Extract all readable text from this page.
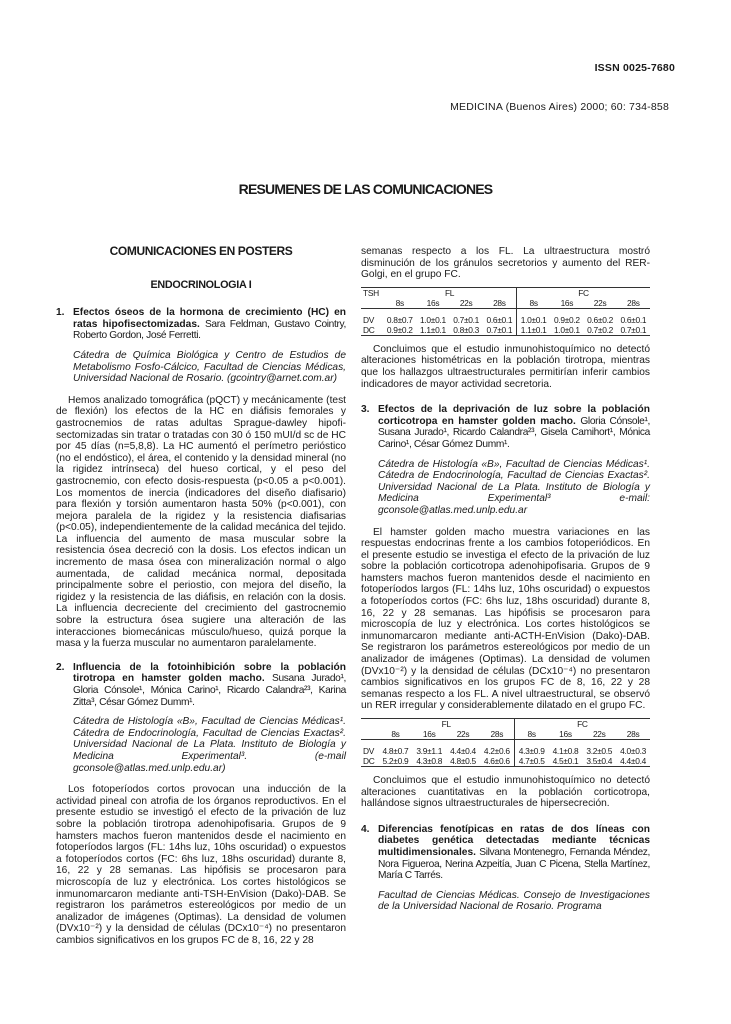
ISSN 0025-7680
MEDICINA (Buenos Aires) 2000; 60: 734-858
RESUMENES DE LAS COMUNICACIONES
COMUNICACIONES EN POSTERS
ENDOCRINOLOGIA I
1. Efectos óseos de la hormona de crecimiento (HC) en ratas hipofisectomizadas. Sara Feldman, Gustavo Cointry, Roberto Gordon, José Ferretti.

Cátedra de Química Biológica y Centro de Estudios de Metabolismo Fosfo-Cálcico, Facultad de Ciencias Médicas, Universidad Nacional de Rosario. (gcointry@arnet.com.ar)

Hemos analizado tomográfica (pQCT) y mecánicamente (test de flexión) los efectos de la HC en diáfisis femorales y gastrocnemios de ratas adultas Sprague-dawley hipofi-sectomizadas sin tratar o tratadas con 30 ó 150 mUI/d sc de HC por 45 días (n=5,8,8). La HC aumentó el perímetro perióstico (no el endóstico), el área, el contenido y la densidad mineral (no la rigidez intrínseca) del hueso cortical, y el peso del gastrocnemio, con efecto dosis-respuesta (p<0.05 a p<0.001). Los momentos de inercia (indicadores del diseño diafisario) para flexión y torsión aumentaron hasta 50% (p<0.001), con mejora paralela de la rigidez y la resistencia diafisarias (p<0.05), independientemente de la calidad mecánica del tejido. La influencia del aumento de masa muscular sobre la resistencia ósea decreció con la dosis. Los efectos indican un incremento de masa ósea con mineralización normal o algo aumentada, de calidad mecánica normal, depositada principalmente sobre el periostio, con mejora del diseño, la rigidez y la resistencia de las diáfisis, en relación con la dosis. La influencia decreciente del crecimiento del gastrocnemio sobre la estructura ósea sugiere una alteración de las interacciones biomecánicas músculo/hueso, quizá porque la masa y la fuerza muscular no aumentaron paralelamente.

2. Influencia de la fotoinhibición sobre la población tirotropa en hamster golden macho. Susana Jurado¹, Gloria Cónsole¹, Mónica Carino¹, Ricardo Calandra²³, Karina Zitta³, César Gómez Dumm¹.

Cátedra de Histología «B», Facultad de Ciencias Médicas¹. Cátedra de Endocrinología, Facultad de Ciencias Exactas². Universidad Nacional de La Plata. Instituto de Biología y Medicina Experimental³. (e-mail gconsole@atlas.med.unlp.edu.ar)

Los fotoperíodos cortos provocan una inducción de la actividad pineal con atrofia de los órganos reproductivos. En el presente estudio se investigó el efecto de la privación de luz sobre la población tirotropa adenohipofisaria. Grupos de 9 hamsters machos fueron mantenidos desde el nacimiento en fotoperíodos largos (FL: 14hs luz, 10hs oscuridad) o expuestos a fotoperíodos cortos (FC: 6hs luz, 18hs oscuridad) durante 8, 16, 22 y 28 semanas. Las hipófisis se procesaron para microscopía de luz y electrónica. Los cortes histológicos se inmunomarcaron mediante anti-TSH-EnVision (Dako)-DAB. Se registraron los parámetros estereológicos por medio de un analizador de imágenes (Optimas). La densidad de volumen (DVx10⁻²) y la densidad de células (DCx10⁻⁴) no presentaron cambios significativos en los grupos FC de 8, 16, 22 y 28

semanas respecto a los FL. La ultraestructura mostró disminución de los gránulos secretorios y aumento del RER-Golgi, en el grupo FC.

TSH	FL				FC			
	8s	16s	22s	28s	8s	16s	22s	28s

DV	0.8±0.7	1.0±0.1	0.7±0.1	0.6±0.1	1.0±0.1	0.9±0.2	0.6±0.2	0.6±0.1
DC	0.9±0.2	1.1±0.1	0.8±0.3	0.7±0.1	1.1±0.1	1.0±0.1	0.7±0.2	0.7±0.1

Concluimos que el estudio inmunohistoquímico no detectó alteraciones histométricas en la población tirotropa, mientras que los hallazgos ultraestructurales permitirían inferir cambios indicadores de mayor actividad secretoria.

3. Efectos de la deprivación de luz sobre la población corticotropa en hamster golden macho. Gloria Cónsole¹, Susana Jurado¹, Ricardo Calandra²³, Gisela Camihort¹, Mónica Carino¹, César Gómez Dumm¹.

Cátedra de Histología «B», Facultad de Ciencias Médicas¹. Cátedra de Endocrinología, Facultad de Ciencias Exactas². Universidad Nacional de La Plata. Instituto de Biología y Medicina Experimental³ e-mail: gconsole@atlas.med.unlp.edu.ar

El hamster golden macho muestra variaciones en las respuestas endocrinas frente a los cambios fotoperiódicos. En el presente estudio se investiga el efecto de la privación de luz sobre la población corticotropa adenohipofisaria. Grupos de 9 hamsters machos fueron mantenidos desde el nacimiento en fotoperíodos largos (FL: 14hs luz, 10hs oscuridad) o expuestos a fotoperíodos cortos (FC: 6hs luz, 18hs oscuridad) durante 8, 16, 22 y 28 semanas. Las hipófisis se procesaron para microscopía de luz y electrónica. Los cortes histológicos se inmunomarcaron mediante anti-ACTH-EnVision (Dako)-DAB. Se registraron los parámetros estereológicos por medio de un analizador de imágenes (Optimas). La densidad de volumen (DVx10⁻²) y la densidad de células (DCx10⁻⁴) no presentaron cambios significativos en los grupos FC de 8, 16, 22 y 28 semanas respecto a los FL. A nivel ultraestructural, se observó un RER irregular y considerablemente dilatado en el grupo FC.

	FL				FC			
	8s	16s	22s	28s	8s	16s	22s	28s

DV	4.8±0.7	3.9±1.1	4.4±0.4	4.2±0.6	4.3±0.9	4.1±0.8	3.2±0.5	4.0±0.3
DC	5.2±0.9	4.3±0.8	4.8±0.5	4.6±0.6	4.7±0.5	4.5±0.1	3.5±0.4	4.4±0.4

Concluimos que el estudio inmunohistoquímico no detectó alteraciones cuantitativas en la población corticotropa, hallándose signos ultraestructurales de hipersecreción.

4. Diferencias fenotípicas en ratas de dos líneas con diabetes genética detectadas mediante técnicas multidimensionales. Silvana Montenegro, Fernanda Méndez, Nora Figueroa, Nerina Azpeitía, Juan C Picena, Stella Martínez, María C Tarrés.

Facultad de Ciencias Médicas. Consejo de Investigaciones de la Universidad Nacional de Rosario. Programa
